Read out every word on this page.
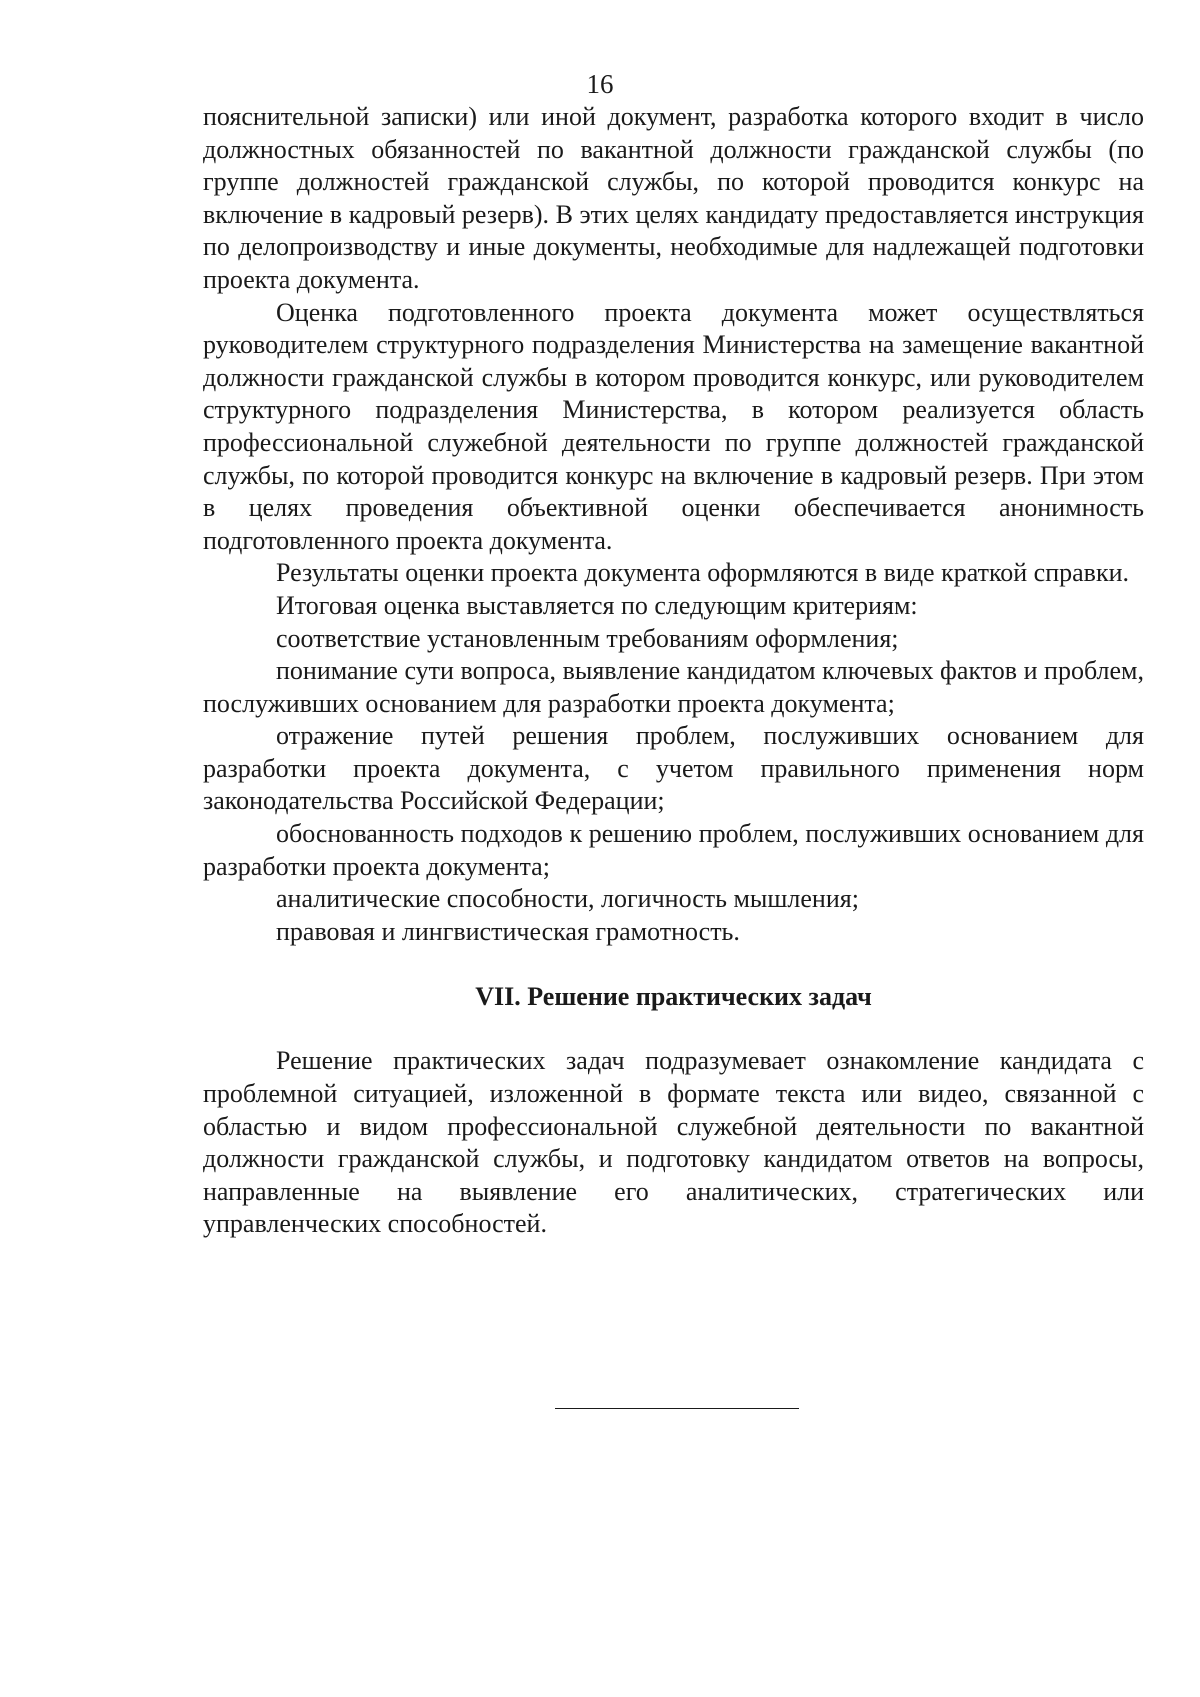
16

пояснительной записки) или иной документ, разработка которого входит в число должностных обязанностей по вакантной должности гражданской службы (по группе должностей гражданской службы, по которой проводится конкурс на включение в кадровый резерв). В этих целях кандидату предоставляется инструкция по делопроизводству и иные документы, необходимые для надлежащей подготовки проекта документа.

Оценка подготовленного проекта документа может осуществляться руководителем структурного подразделения Министерства на замещение вакантной должности гражданской службы в котором проводится конкурс, или руководителем структурного подразделения Министерства, в котором реализуется область профессиональной служебной деятельности по группе должностей гражданской службы, по которой проводится конкурс на включение в кадровый резерв. При этом в целях проведения объективной оценки обеспечивается анонимность подготовленного проекта документа.

Результаты оценки проекта документа оформляются в виде краткой справки.

Итоговая оценка выставляется по следующим критериям:

соответствие установленным требованиям оформления;

понимание сути вопроса, выявление кандидатом ключевых фактов и проблем, послуживших основанием для разработки проекта документа;

отражение путей решения проблем, послуживших основанием для разработки проекта документа, с учетом правильного применения норм законодательства Российской Федерации;

обоснованность подходов к решению проблем, послуживших основанием для разработки проекта документа;

аналитические способности, логичность мышления;

правовая и лингвистическая грамотность.

VII. Решение практических задач

Решение практических задач подразумевает ознакомление кандидата с проблемной ситуацией, изложенной в формате текста или видео, связанной с областью и видом профессиональной служебной деятельности по вакантной должности гражданской службы, и подготовку кандидатом ответов на вопросы, направленные на выявление его аналитических, стратегических или управленческих способностей.
